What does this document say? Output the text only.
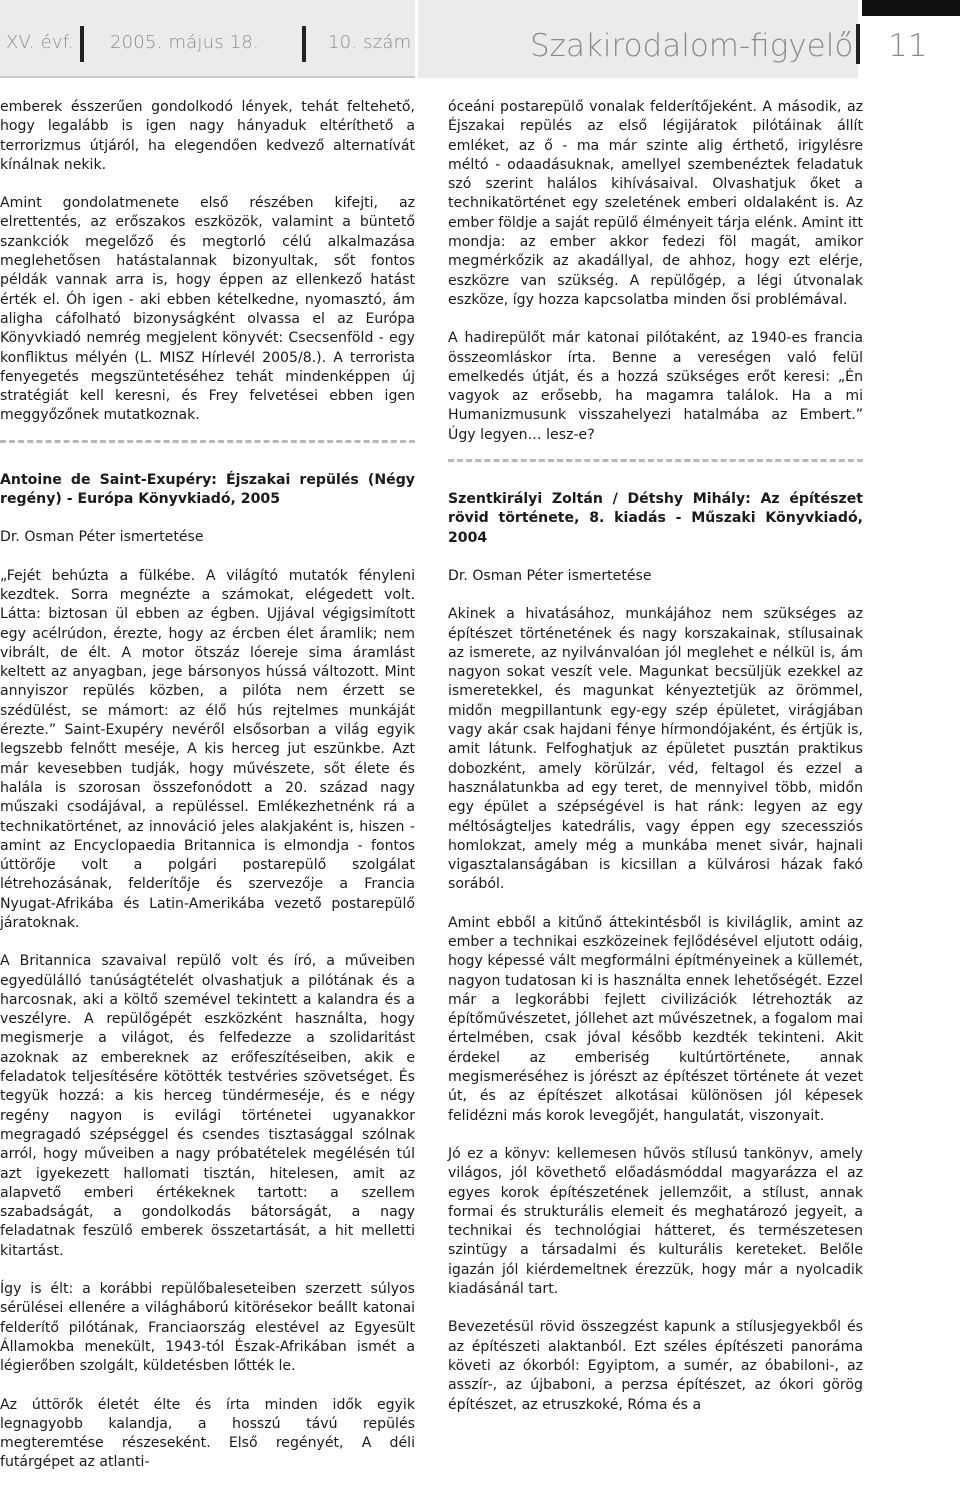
XV. évf. 2005. május 18.	10. szám	Szakirodalom-figyelő 11

emberek ésszerűen gondolkodó lények, tehát feltehető, hogy legalább is igen nagy hányaduk eltéríthető a terrorizmus útjáról, ha elegendően kedvező alternatívát kínálnak nekik.

Amint gondolatmenete első részében kifejti, az elrettentés, az erőszakos eszközök, valamint a büntető szankciók megelőző és megtorló célú alkalmazása meglehetősen hatástalannak bizonyultak, sőt fontos példák vannak arra is, hogy éppen az ellenkező hatást érték el. Óh igen - aki ebben kételkedne, nyomasztó, ám aligha cáfolható bizonyságként olvassa el az Európa Könyvkiadó nemrég megjelent könyvét: Csecsenföld - egy konfliktus mélyén (L. MISZ Hírlevél 2005/8.). A terrorista fenyegetés megszüntetéséhez tehát mindenképpen új stratégiát kell keresni, és Frey felvetései ebben igen meggyőzőnek mutatkoznak.

Antoine de Saint-Exupéry: Éjszakai repülés (Négy regény) - Európa Könyvkiadó, 2005

Dr. Osman Péter ismertetése

„Fejét behúzta a fülkébe. A világító mutatók fényleni kezdtek. Sorra megnézte a számokat, elégedett volt. Látta: biztosan ül ebben az égben. Ujjával végigsimított egy acélrúdon, érezte, hogy az ércben élet áramlik; nem vibrált, de élt. A motor ötszáz lóereje sima áramlást keltett az anyagban, jege bársonyos hússá változott. Mint annyiszor repülés közben, a pilóta nem érzett se szédülést, se mámort: az élő hús rejtelmes munkáját érezte.” Saint-Exupéry nevéről elsősorban a világ egyik legszebb felnőtt meséje, A kis herceg jut eszünkbe. Azt már kevesebben tudják, hogy művészete, sőt élete és halála is szorosan összefonódott a 20. század nagy műszaki csodájával, a repüléssel. Emlékezhetnénk rá a technikatörténet, az innováció jeles alakjaként is, hiszen - amint az Encyclopaedia Britannica is elmondja - fontos úttörője volt a polgári postarepülő szolgálat létrehozásának, felderítője és szervezője a Francia Nyugat-Afrikába és Latin-Amerikába vezető postarepülő járatoknak.

A Britannica szavaival repülő volt és író, a műveiben egyedülálló tanúságtételét olvashatjuk a pilótának és a harcosnak, aki a költő szemével tekintett a kalandra és a veszélyre. A repülőgépét eszközként használta, hogy megismerje a világot, és felfedezze a szolidaritást azoknak az embereknek az erőfeszítéseiben, akik e feladatok teljesítésére kötötték testvéries szövetséget. És tegyük hozzá: a kis herceg tündérmeséje, és e négy regény nagyon is evilági történetei ugyanakkor megragadó szépséggel és csendes tisztasággal szólnak arról, hogy műveiben a nagy próbatételek megélésén túl azt igyekezett hallomati tisztán, hitelesen, amit az alapvető emberi értékeknek tartott: a szellem szabadságát, a gondolkodás bátorságát, a nagy feladatnak feszülő emberek összetartását, a hit melletti kitartást.

Így is élt: a korábbi repülőbaleseteiben szerzett súlyos sérülései ellenére a világháború kitörésekor beállt katonai felderítő pilótának, Franciaország elestével az Egyesült Államokba menekült, 1943-tól Észak-Afrikában ismét a légierőben szolgált, küldetésben lőtték le.

Az úttörők életét élte és írta minden idők egyik legnagyobb kalandja, a hosszú távú repülés megteremtése részeseként. Első regényét, A déli futárgépet az atlanti-

óceáni postarepülő vonalak felderítőjeként. A második, az Éjszakai repülés az első légijáratok pilótáinak állít emléket, az ő - ma már szinte alig érthető, irigylésre méltó - odaadásuknak, amellyel szembenéztek feladatuk szó szerint halálos kihívásaival. Olvashatjuk őket a technikatörténet egy szeletének emberi oldalaként is. Az ember földje a saját repülő élményeit tárja elénk. Amint itt mondja: az ember akkor fedezi föl magát, amikor megmérkőzik az akadállyal, de ahhoz, hogy ezt elérje, eszközre van szükség. A repülőgép, a légi útvonalak eszköze, így hozza kapcsolatba minden ősi problémával.

A hadirepülőt már katonai pilótaként, az 1940-es francia összeomláskor írta. Benne a vereségen való felül emelkedés útját, és a hozzá szükséges erőt keresi: „Én vagyok az erősebb, ha magamra találok. Ha a mi Humanizmusunk visszahelyezi hatalmába az Embert.” Úgy legyen… lesz-e?

Szentkirályi Zoltán / Détshy Mihály: Az építészet rövid története, 8. kiadás - Műszaki Könyvkiadó, 2004

Dr. Osman Péter ismertetése

Akinek a hivatásához, munkájához nem szükséges az építészet történetének és nagy korszakainak, stílusainak az ismerete, az nyilvánvalóan jól meglehet e nélkül is, ám nagyon sokat veszít vele. Magunkat becsüljük ezekkel az ismeretekkel, és magunkat kényeztetjük az örömmel, midőn megpillantunk egy-egy szép épületet, virágjában vagy akár csak hajdani fénye hírmondójaként, és értjük is, amit látunk. Felfoghatjuk az épületet pusztán praktikus dobozként, amely körülzár, véd, feltagol és ezzel a használatunkba ad egy teret, de mennyivel több, midőn egy épület a szépségével is hat ránk: legyen az egy méltóságteljes katedrális, vagy éppen egy szecessziós homlokzat, amely még a munkába menet sivár, hajnali vigasztalanságában is kicsillan a külvárosi házak fakó sorából.

Amint ebből a kitűnő áttekintésből is kiviláglik, amint az ember a technikai eszközeinek fejlődésével eljutott odáig, hogy képessé vált megformálni építményeinek a küllemét, nagyon tudatosan ki is használta ennek lehetőségét. Ezzel már a legkorábbi fejlett civilizációk létrehozták az építőművészetet, jóllehet azt művészetnek, a fogalom mai értelmében, csak jóval később kezdték tekinteni. Akit érdekel az emberiség kultúrtörténete, annak megismeréséhez is jórészt az építészet története át vezet út, és az építészet alkotásai különösen jól képesek felidézni más korok levegőjét, hangulatát, viszonyait.

Jó ez a könyv: kellemesen hűvös stílusú tankönyv, amely világos, jól követhető előadásmóddal magyarázza el az egyes korok építészetének jellemzőit, a stílust, annak formai és strukturális elemeit és meghatározó jegyeit, a technikai és technológiai hátteret, és természetesen szintügy a társadalmi és kulturális kereteket. Belőle igazán jól kiérdemeltnek érezzük, hogy már a nyolcadik kiadásánál tart.

Bevezetésül rövid összegzést kapunk a stílusjegyekből és az építészeti alaktanból. Ezt széles építészeti panoráma követi az ókorból: Egyiptom, a sumér, az óbabiloni-, az asszír-, az újbaboni, a perzsa építészet, az ókori görög építészet, az etruszkoké, Róma és a
